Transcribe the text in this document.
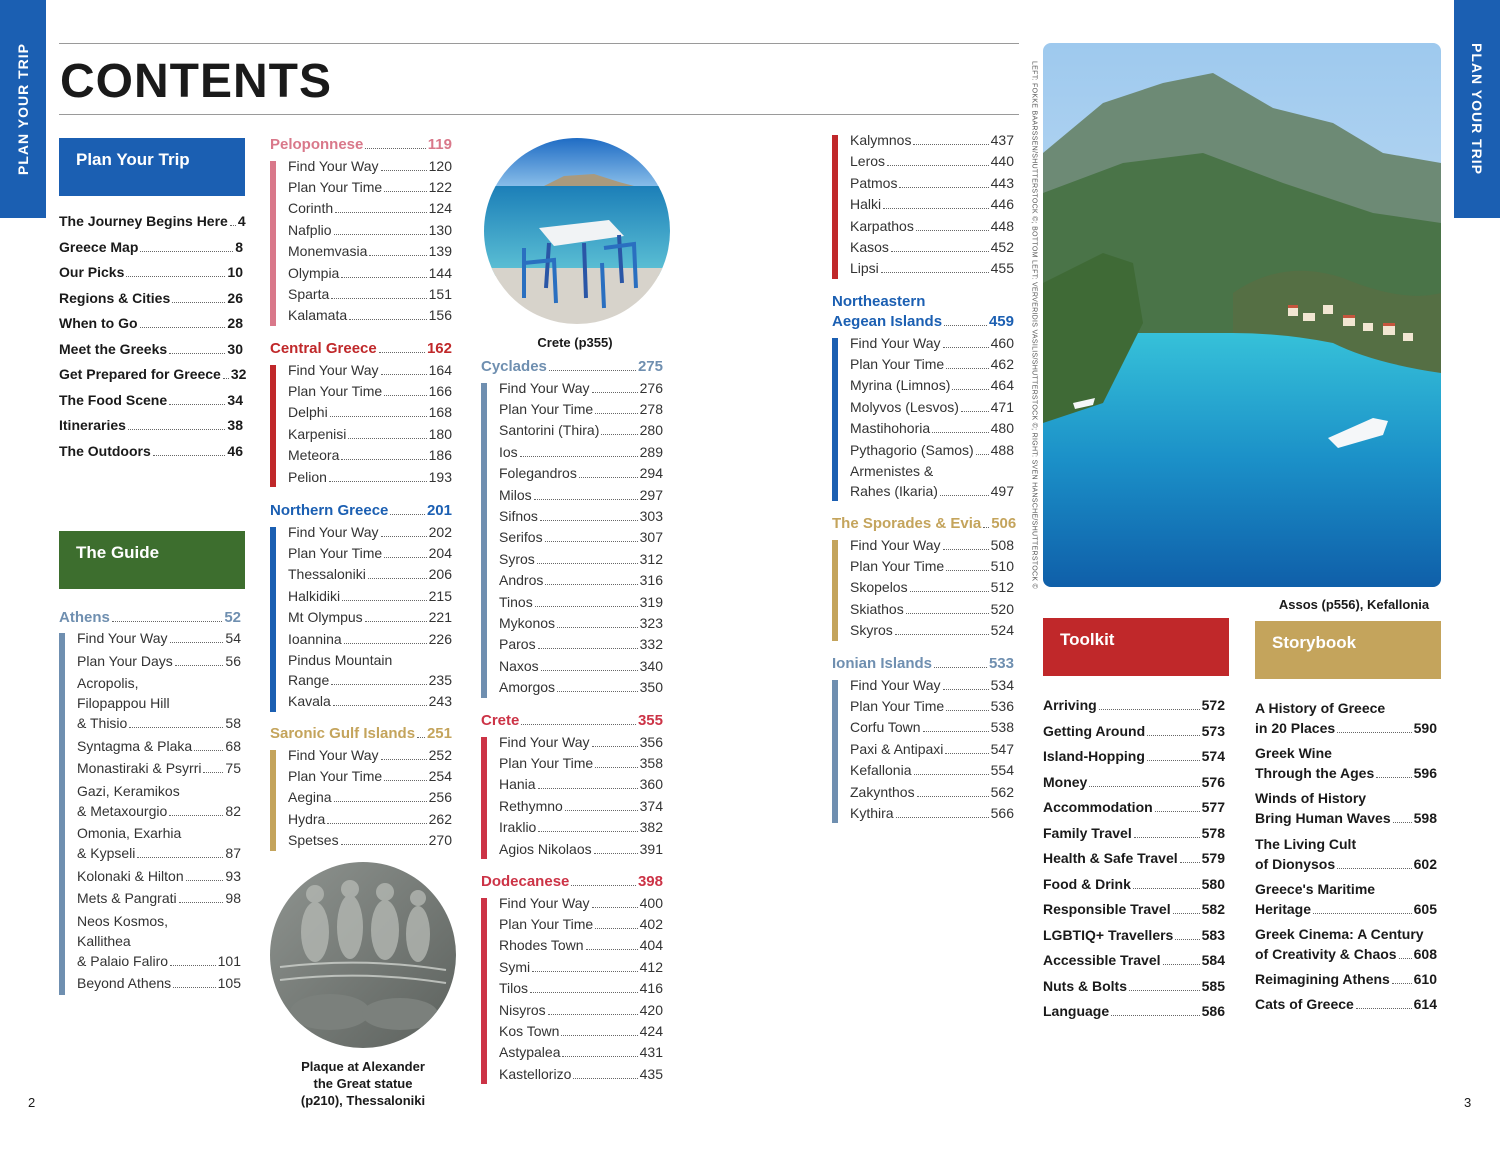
PLAN YOUR TRIP	PLAN YOUR TRIP
CONTENTS
Plan Your Trip
The Journey Begins Here 4
Greece Map	8
Our Picks	10
Regions & Cities	26
When to Go	28
Meet the Greeks	30
Get Prepared for Greece 32
The Food Scene	34
Itineraries	38
The Outdoors	46
The Guide
Athens	52
Find Your Way	54
Plan Your Days	56
Acropolis,
Filopappou Hill
& Thisio	58
Syntagma & Plaka 68
Monastiraki & Psyrri 75
Gazi, Keramikos
& Metaxourgio	82
Omonia, Exarhia
& Kypseli	87
Kolonaki & Hilton	93
Mets & Pangrati	98
Neos Kosmos,
Kallithea
& Palaio Faliro	101
Beyond Athens	105
Peloponnese	119
Find Your Way	120
Plan Your Time	122
Corinth	124
Nafplio	130
Monemvasia	139
Olympia	144
Sparta	151
Kalamata	156
Central Greece	162
Find Your Way	164
Plan Your Time	166
Delphi	168
Karpenisi	180
Meteora	186
Pelion	193
Northern Greece	201
Find Your Way	202
Plan Your Time	204
Thessaloniki	206
Halkidiki	215
Mt Olympus	221
Ioannina	226
Pindus Mountain
Range	235
Kavala	243
Saronic Gulf Islands 251
Find Your Way	252
Plan Your Time	254
Aegina	256
Hydra	262
Spetses	270
Plaque at Alexander
the Great statue
(p210), Thessaloniki
Crete (p355)
Cyclades	275
Find Your Way	276
Plan Your Time	278
Santorini (Thira)	280
Ios	289
Folegandros	294
Milos	297
Sifnos	303
Serifos	307
Syros	312
Andros	316
Tinos	319
Mykonos	323
Paros	332
Naxos	340
Amorgos	350
Crete	355
Find Your Way	356
Plan Your Time	358
Hania	360
Rethymno	374
Iraklio	382
Agios Nikolaos	391
Dodecanese	398
Find Your Way	400
Plan Your Time	402
Rhodes Town	404
Symi	412
Tilos	416
Nisyros	420
Kos Town	424
Astypalea	431
Kastellorizo	435
Kalymnos	437
Leros	440
Patmos	443
Halki	446
Karpathos	448
Kasos	452
Lipsi	455
Northeastern
Aegean Islands	459
Find Your Way	460
Plan Your Time	462
Myrina (Limnos)	464
Molyvos (Lesvos) 471
Mastihohoria	480
Pythagorio (Samos) 488
Armenistes &
Rahes (Ikaria)	497
The Sporades & Evia 506
Find Your Way	508
Plan Your Time	510
Skopelos	512
Skiathos	520
Skyros	524
Ionian Islands	533
Find Your Way	534
Plan Your Time	536
Corfu Town	538
Paxi & Antipaxi	547
Kefallonia	554
Zakynthos	562
Kythira	566
LEFT: FOKKE BAARSSEN/SHUTTERSTOCK ©; BOTTOM LEFT: VERVERIDIS VASILIS/SHUTTERSTOCK ©; RIGHT: SVEN HANSCHE/SHUTTERSTOCK ©
Assos (p556), Kefallonia
Toolkit	Storybook
Arriving	572
Getting Around	573
Island-Hopping	574
Money	576
Accommodation	577
Family Travel	578
Health & Safe Travel 579
Food & Drink	580
Responsible Travel 582
LGBTIQ+ Travellers 583
Accessible Travel	584
Nuts & Bolts	585
Language	586
A History of Greece
in 20 Places	590
Greek Wine
Through the Ages	596
Winds of History
Bring Human Waves 598
The Living Cult
of Dionysos	602
Greece's Maritime
Heritage	605
Greek Cinema: A Century
of Creativity & Chaos 608
Reimagining Athens 610
Cats of Greece	614
2	3
